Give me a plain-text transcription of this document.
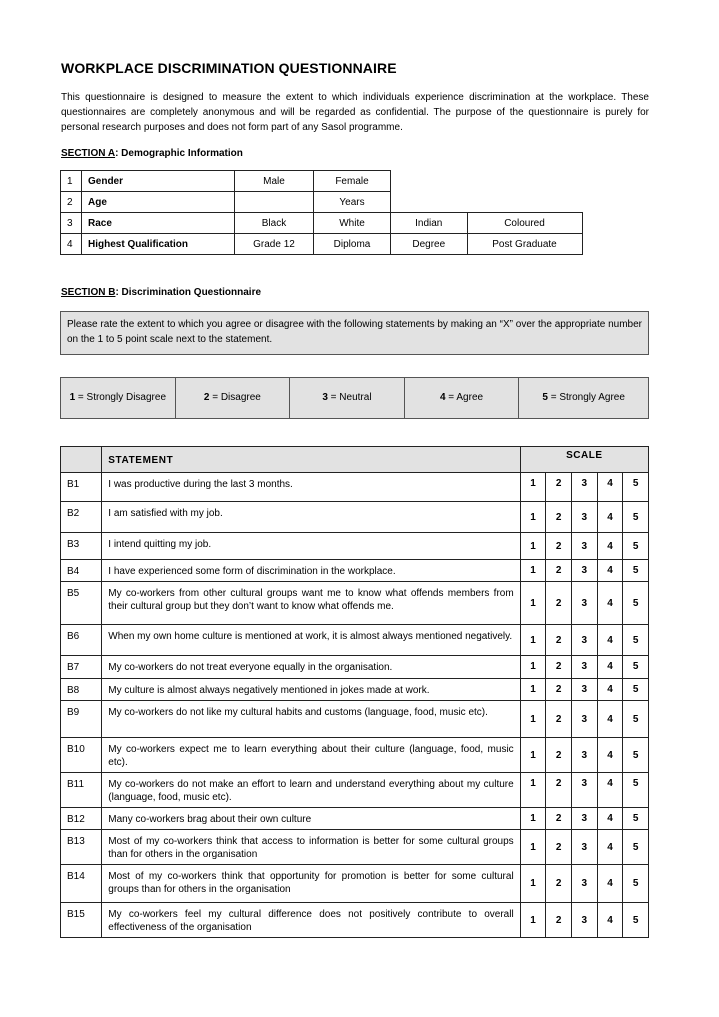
WORKPLACE DISCRIMINATION QUESTIONNAIRE

This questionnaire is designed to measure the extent to which individuals experience discrimination at the workplace. These questionnaires are completely anonymous and will be regarded as confidential. The purpose of the questionnaire is purely for personal research purposes and does not form part of any Sasol programme.

SECTION A: Demographic Information

1	Gender	Male	Female		
2	Age		Years		
3	Race	Black	White	Indian	Coloured
4	Highest Qualification	Grade 12	Diploma	Degree	Post Graduate

SECTION B: Discrimination Questionnaire

Please rate the extent to which you agree or disagree with the following statements by making an “X” over the appropriate number on the 1 to 5 point scale next to the statement.
1 = Strongly Disagree	2 = Disagree	3 = Neutral	4 = Agree	5 = Strongly Agree
	STATEMENT	SCALE				
B1	I was productive during the last 3 months.	1	2	3	4	5
B2	I am satisfied with my job.	1	2	3	4	5
B3	I intend quitting my job.	1	2	3	4	5
B4	I have experienced some form of discrimination in the workplace.	1	2	3	4	5
B5	My co-workers from other cultural groups want me to know what offends members from their cultural group but they don’t want to know what offends me.	1	2	3	4	5
B6	When my own home culture is mentioned at work, it is almost always mentioned negatively.	1	2	3	4	5
B7	My co-workers do not treat everyone equally in the organisation.	1	2	3	4	5
B8	My culture is almost always negatively mentioned in jokes made at work.	1	2	3	4	5
B9	My co-workers do not like my cultural habits and customs (language, food, music etc).	1	2	3	4	5
B10	My co-workers expect me to learn everything about their culture (language, food, music etc).	1	2	3	4	5
B11	My co-workers do not make an effort to learn and understand everything about my culture (language, food, music etc).	1	2	3	4	5
B12	Many co-workers brag about their own culture	1	2	3	4	5
B13	Most of my co-workers think that access to information is better for some cultural groups than for others in the organisation	1	2	3	4	5
B14	Most of my co-workers think that opportunity for promotion is better for some cultural groups than for others in the organisation	1	2	3	4	5
B15	My co-workers feel my cultural difference does not positively contribute to overall effectiveness of the organisation	1	2	3	4	5
